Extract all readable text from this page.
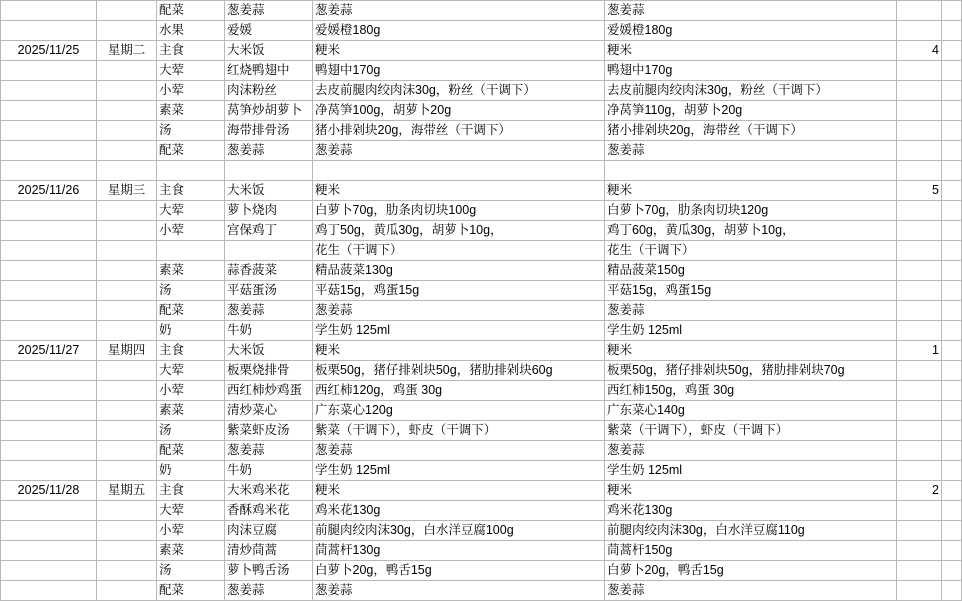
		配菜	葱姜蒜	葱姜蒜	葱姜蒜		
		水果	爱媛	爱媛橙180g	爱媛橙180g		
2025/11/25	星期二	主食	大米饭	粳米	粳米	4	
		大荤	红烧鸭翅中	鸭翅中170g	鸭翅中170g		
		小荤	肉沫粉丝	去皮前腿肉绞肉沫30g，粉丝（干调下）	去皮前腿肉绞肉沫30g，粉丝（干调下）		
		素菜	莴笋炒胡萝卜	净莴笋100g，胡萝卜20g	净莴笋110g，胡萝卜20g		
		汤	海带排骨汤	猪小排剁块20g，海带丝（干调下）	猪小排剁块20g，海带丝（干调下）		
		配菜	葱姜蒜	葱姜蒜	葱姜蒜		

2025/11/26	星期三	主食	大米饭	粳米	粳米	5	
		大荤	萝卜烧肉	白萝卜70g，肋条肉切块100g	白萝卜70g，肋条肉切块120g		
		小荤	宫保鸡丁	鸡丁50g，黄瓜30g，胡萝卜10g，	鸡丁60g，黄瓜30g，胡萝卜10g，		
				花生（干调下）	花生（干调下）		
		素菜	蒜香菠菜	精品菠菜130g	精品菠菜150g		
		汤	平菇蛋汤	平菇15g，鸡蛋15g	平菇15g，鸡蛋15g		
		配菜	葱姜蒜	葱姜蒜	葱姜蒜		
		奶	牛奶	学生奶 125ml	学生奶 125ml		
2025/11/27	星期四	主食	大米饭	粳米	粳米	1	
		大荤	板栗烧排骨	板栗50g，猪仔排剁块50g，猪肋排剁块60g	板栗50g，猪仔排剁块50g，猪肋排剁块70g		
		小荤	西红柿炒鸡蛋	西红柿120g，鸡蛋 30g	西红柿150g，鸡蛋 30g		
		素菜	清炒菜心	广东菜心120g	广东菜心140g		
		汤	紫菜虾皮汤	紫菜（干调下），虾皮（干调下）	紫菜（干调下），虾皮（干调下）		
		配菜	葱姜蒜	葱姜蒜	葱姜蒜		
		奶	牛奶	学生奶 125ml	学生奶 125ml		
2025/11/28	星期五	主食	大米鸡米花	粳米	粳米	2	
		大荤	香酥鸡米花	鸡米花130g	鸡米花130g		
		小荤	肉沫豆腐	前腿肉绞肉沫30g，白水洋豆腐100g	前腿肉绞肉沫30g，白水洋豆腐110g		
		素菜	清炒茼蒿	茼蒿杆130g	茼蒿杆150g		
		汤	萝卜鸭舌汤	白萝卜20g，鸭舌15g	白萝卜20g，鸭舌15g		
		配菜	葱姜蒜	葱姜蒜	葱姜蒜		
